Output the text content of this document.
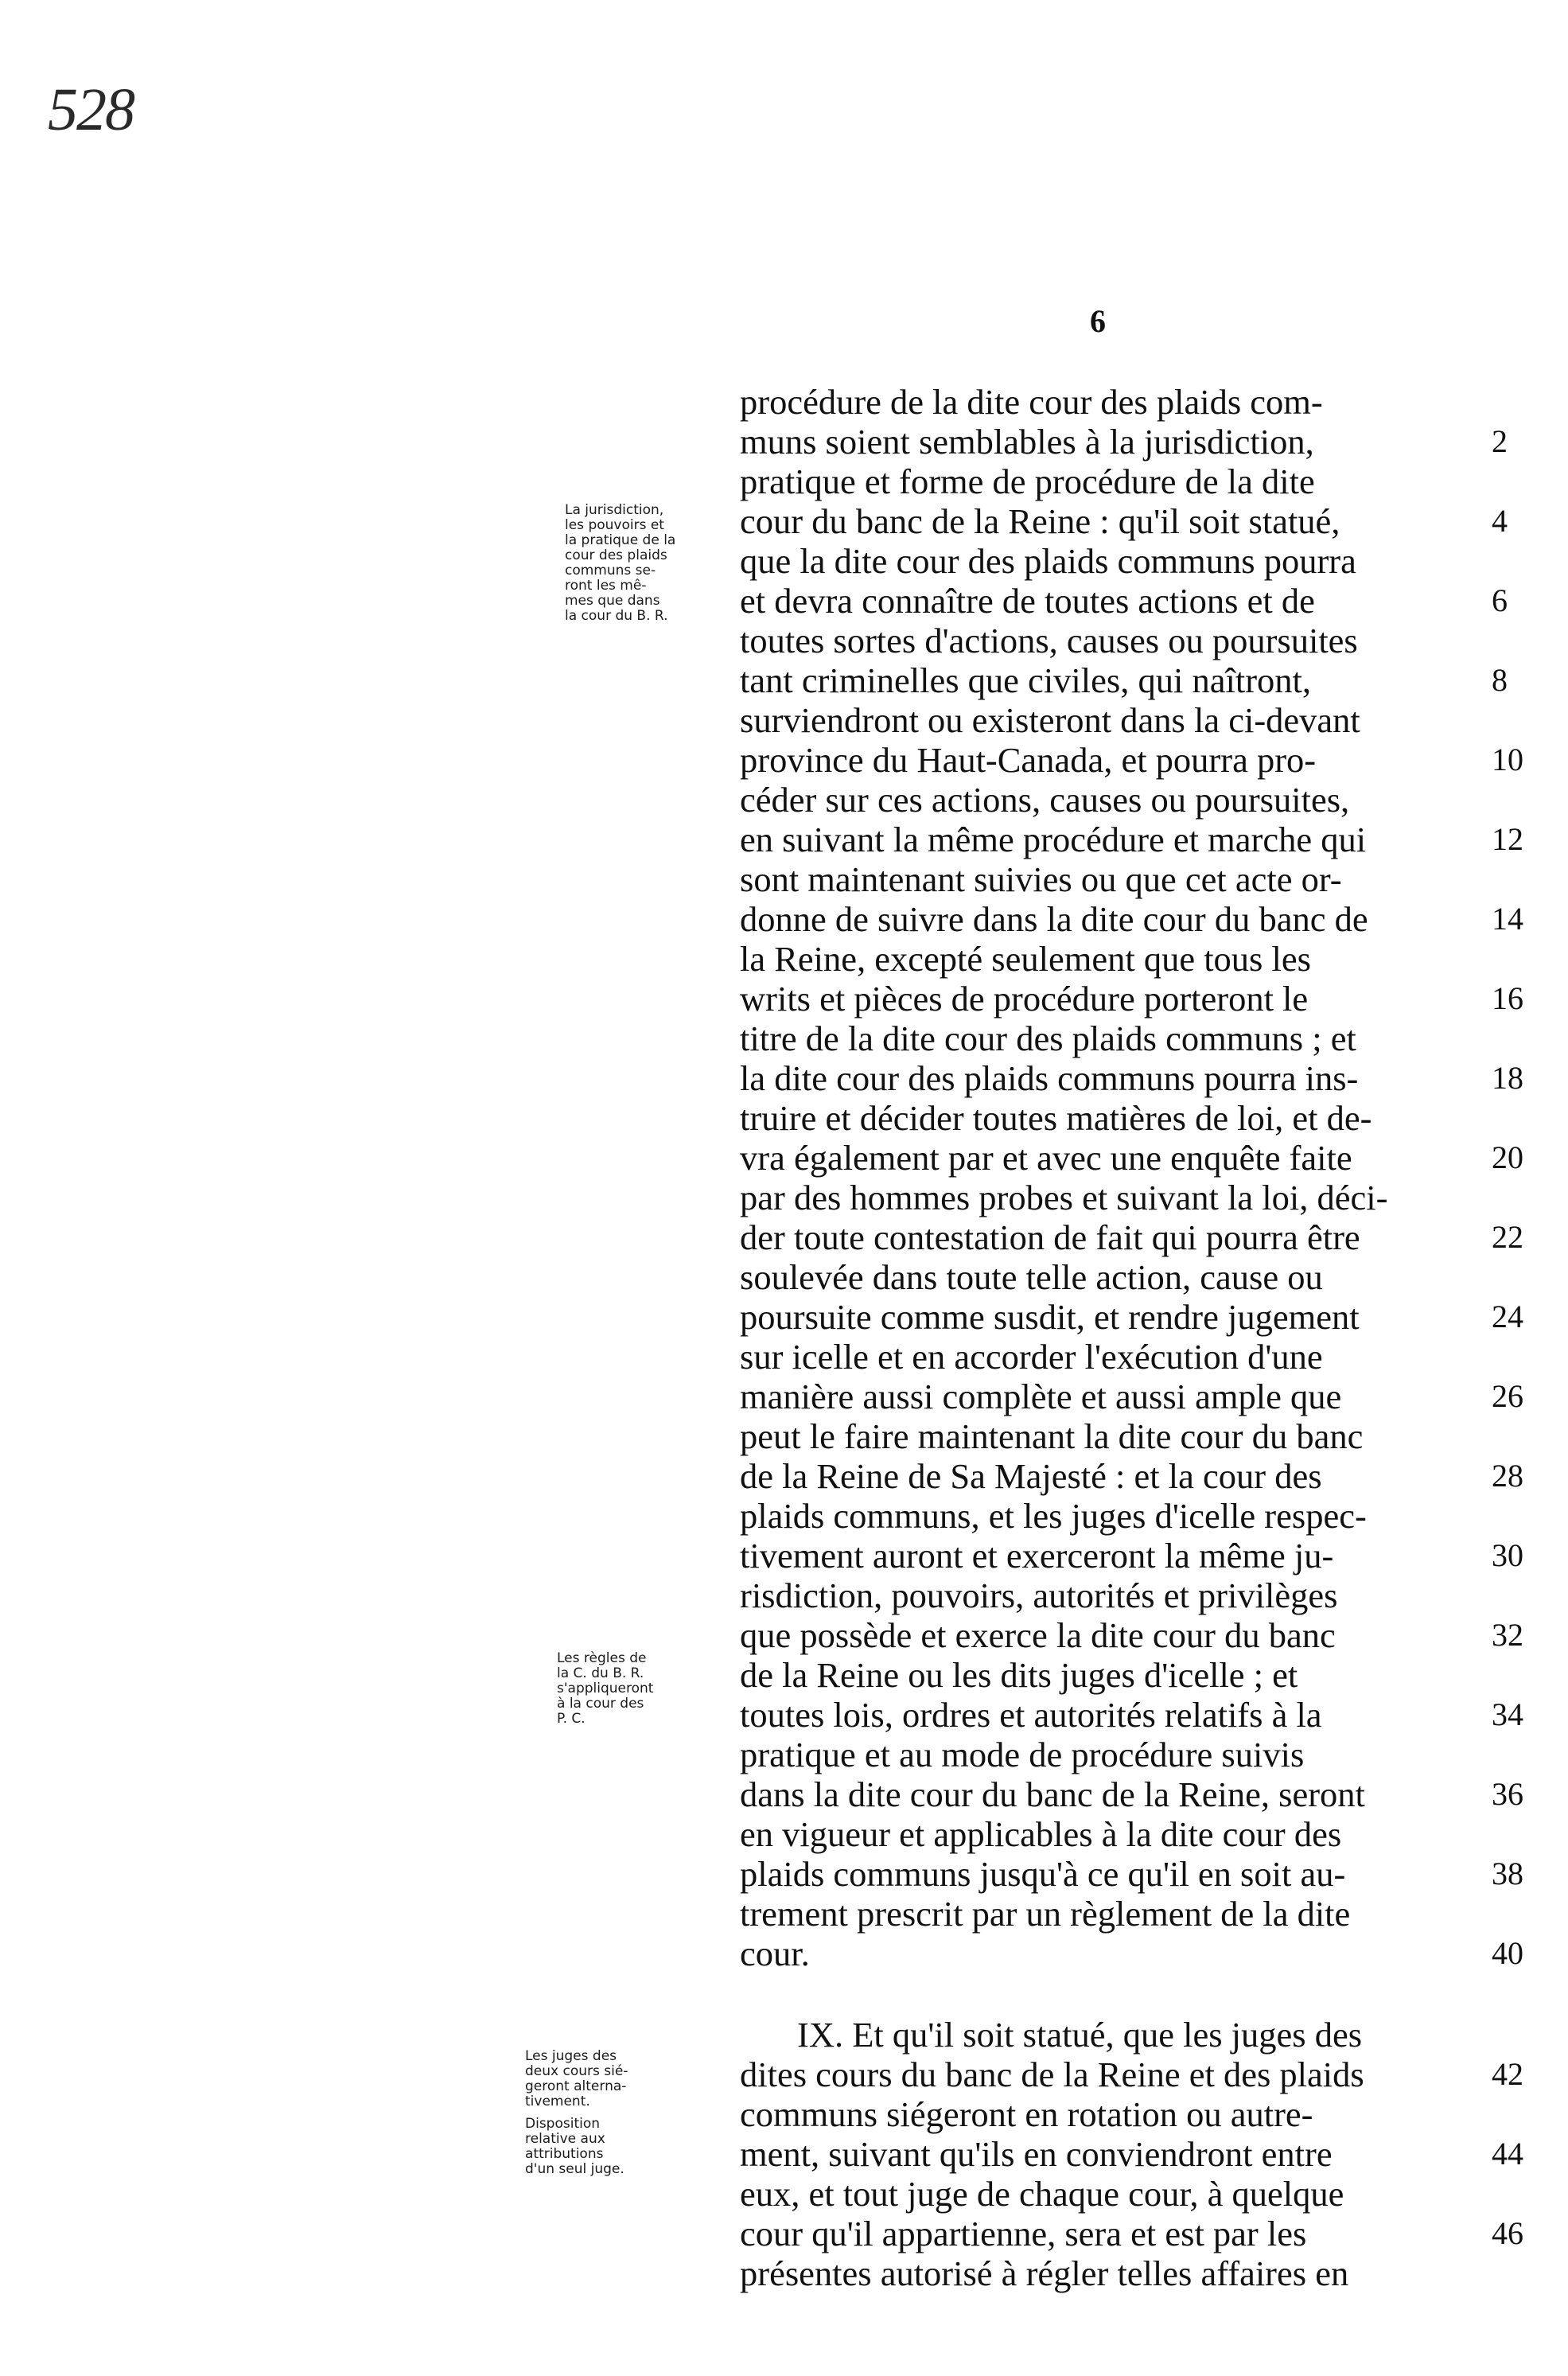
528
6
procédure de la dite cour des plaids com-
muns soient semblables à la jurisdiction,	2
pratique et forme de procédure de la dite
cour du banc de la Reine : qu'il soit statué,	4
que la dite cour des plaids communs pourra
et devra connaître de toutes actions et de	6
toutes sortes d'actions, causes ou poursuites
tant criminelles que civiles, qui naîtront,	8
surviendront ou existeront dans la ci-devant
province du Haut-Canada, et pourra pro-	10
céder sur ces actions, causes ou poursuites,
en suivant la même procédure et marche qui	12
sont maintenant suivies ou que cet acte or-
donne de suivre dans la dite cour du banc de	14
la Reine, excepté seulement que tous les
writs et pièces de procédure porteront le	16
titre de la dite cour des plaids communs ; et
la dite cour des plaids communs pourra ins-	18
truire et décider toutes matières de loi, et de-
vra également par et avec une enquête faite	20
par des hommes probes et suivant la loi, déci-
der toute contestation de fait qui pourra être	22
soulevée dans toute telle action, cause ou
poursuite comme susdit, et rendre jugement	24
sur icelle et en accorder l'exécution d'une
manière aussi complète et aussi ample que	26
peut le faire maintenant la dite cour du banc
de la Reine de Sa Majesté : et la cour des	28
plaids communs, et les juges d'icelle respec-
tivement auront et exerceront la même ju-	30
risdiction, pouvoirs, autorités et privilèges
que possède et exerce la dite cour du banc	32
de la Reine ou les dits juges d'icelle ; et
toutes lois, ordres et autorités relatifs à la	34
pratique et au mode de procédure suivis
dans la dite cour du banc de la Reine, seront	36
en vigueur et applicables à la dite cour des
plaids communs jusqu'à ce qu'il en soit au-	38
trement prescrit par un règlement de la dite
cour.	40
IX. Et qu'il soit statué, que les juges des
dites cours du banc de la Reine et des plaids	42
communs siégeront en rotation ou autre-
ment, suivant qu'ils en conviendront entre	44
eux, et tout juge de chaque cour, à quelque
cour qu'il appartienne, sera et est par les	46
présentes autorisé à régler telles affaires en
La jurisdiction,
les pouvoirs et
la pratique de la
cour des plaids
communs se-
ront les mê-
mes que dans
la cour du B. R.
Les règles de
la C. du B. R.
s'appliqueront
à la cour des
P. C.
Les juges des
deux cours sié-
geront alterna-
tivement.
Disposition
relative aux
attributions
d'un seul juge.
